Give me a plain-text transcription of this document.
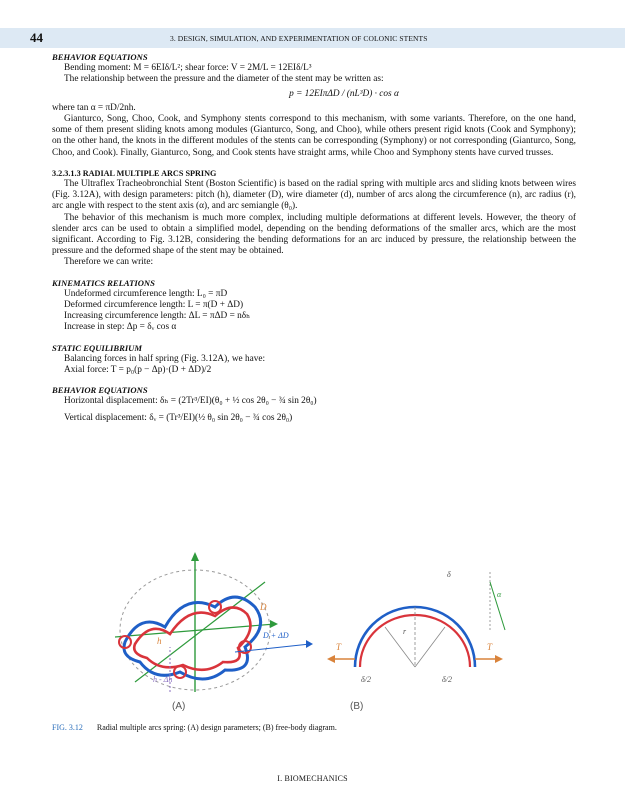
44	3. DESIGN, SIMULATION, AND EXPERIMENTATION OF COLONIC STENTS

BEHAVIOR EQUATIONS

Bending moment: M = 6EIδ/L²; shear force: V = 2M/L = 12EIδ/L³

The relationship between the pressure and the diameter of the stent may be written as:

p = 12EIπΔD / (nL³D) · cos α

where tan α = πD/2nh.

Gianturco, Song, Choo, Cook, and Symphony stents correspond to this mechanism, with some variants. Therefore, on the one hand, some of them present sliding knots among modules (Gianturco, Song, and Choo), while others present rigid knots (Cook and Symphony); on the other hand, the knots in the different modules of the stents can be corresponding (Symphony) or not corresponding (Gianturco, Song, Choo, and Cook). Finally, Gianturco, Song, and Cook stents have straight arms, while Choo and Symphony stents have curved trusses.

3.2.3.1.3 RADIAL MULTIPLE ARCS SPRING

The Ultraflex Tracheobronchial Stent (Boston Scientific) is based on the radial spring with multiple arcs and sliding knots between wires (Fig. 3.12A), with design parameters: pitch (h), diameter (D), wire diameter (d), number of arcs along the circumference (n), arc radius (r), arc angle with respect to the stent axis (α), and arc semiangle (θ₀).

The behavior of this mechanism is much more complex, including multiple deformations at different levels. However, the theory of slender arcs can be used to obtain a simplified model, depending on the bending deformations of the smaller arcs, which are the most significant. According to Fig. 3.12B, considering the bending deformations for an arc induced by pressure, the relationship between the pressure and the deformed shape of the stent may be obtained.

Therefore we can write:

KINEMATICS RELATIONS

Undeformed circumference length: L₀ = πD

Deformed circumference length: L = π(D + ΔD)

Increasing circumference length: ΔL = πΔD = nδₕ

Increase in step: Δp = δᵥ cos α

STATIC EQUILIBRIUM

Balancing forces in half spring (Fig. 3.12A), we have:

Axial force: T = p₀(p − Δp)·(D + ΔD)/2

BEHAVIOR EQUATIONS

Horizontal displacement: δₕ = (2Tr³/EI)(θ₀ + ½ cos 2θ₀ − ¾ sin 2θ₀)

Vertical displacement: δᵥ = (Tr³/EI)(½ θ₀ sin 2θ₀ − ¾ cos 2θ₀)

D
D + ΔD
h
h - Δh
T	T
δ/2	δ/2
δ
α
r
(A)	(B)
FIG. 3.12 Radial multiple arcs spring: (A) design parameters; (B) free-body diagram.
I. BIOMECHANICS
